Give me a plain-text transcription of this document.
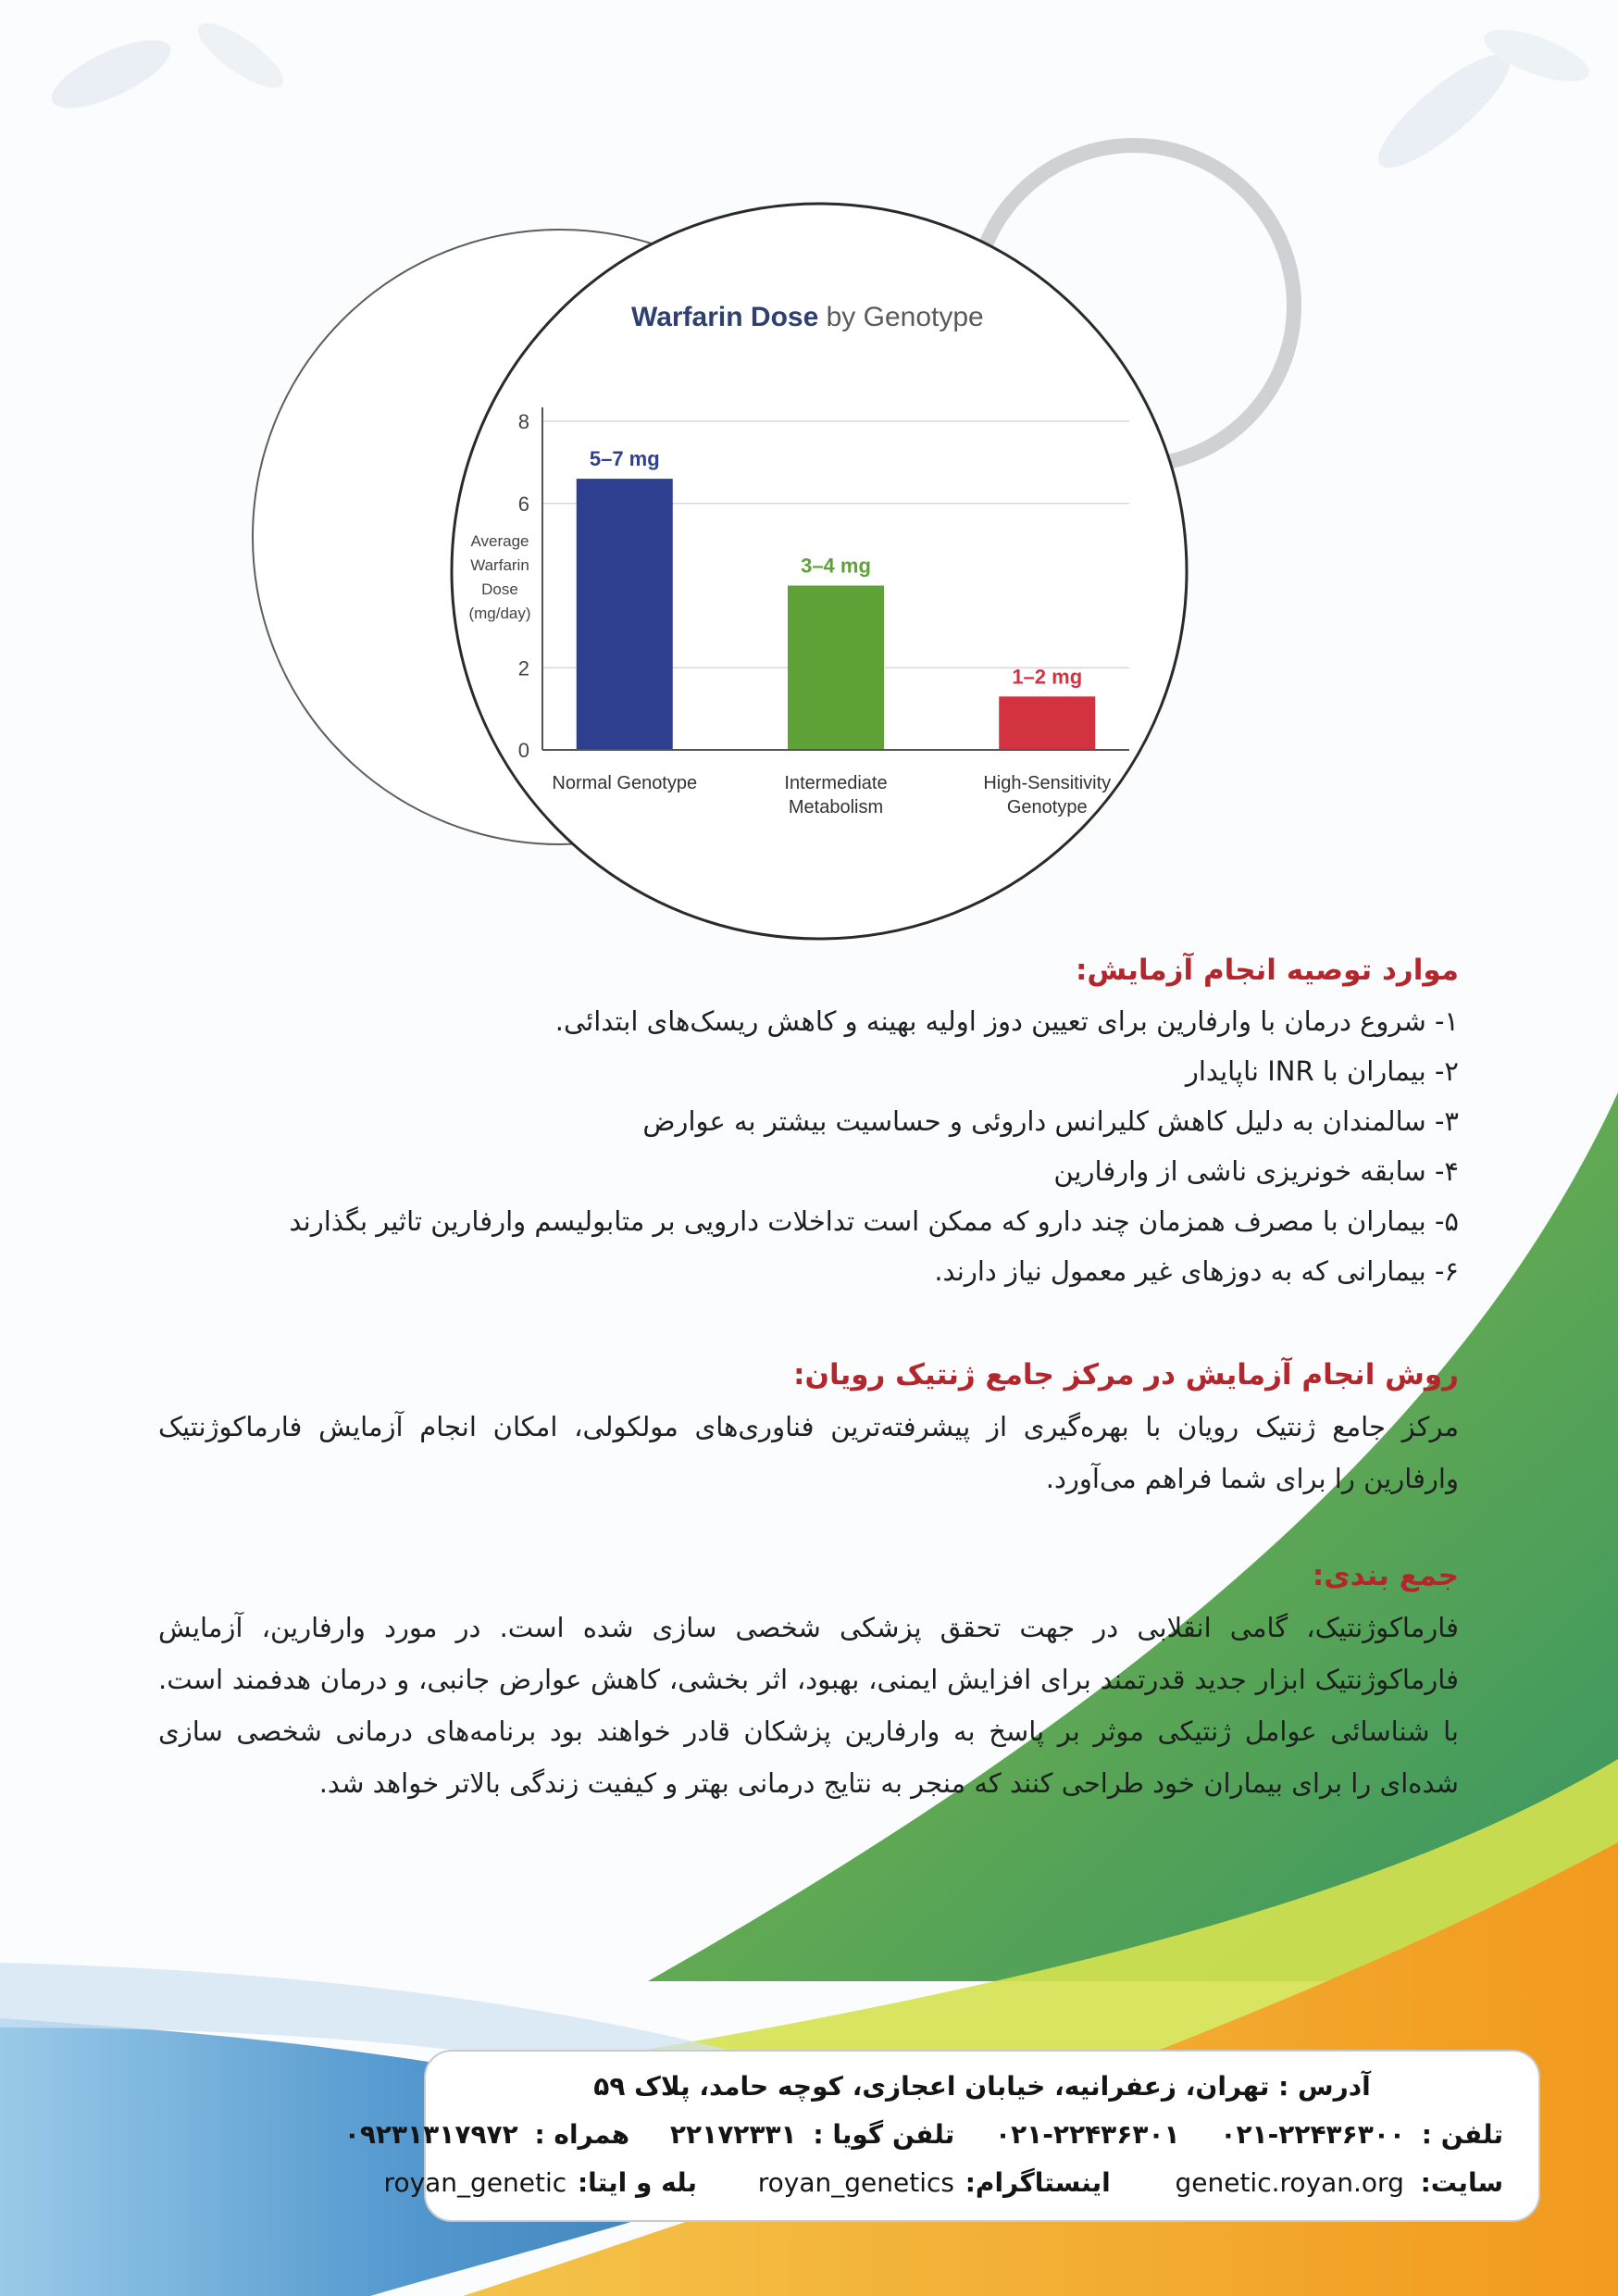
Warfarin Dose by Genotype
0
2
6
8
Average
Warfarin
Dose
(mg/day)
5–7 mg
3–4 mg
1–2 mg
Normal Genotype	Intermediate
Metabolism
High-Sensitivity
Genotype
موارد توصیه انجام آزمایش:
۱- شروع درمان با وارفارین برای تعیین دوز اولیه بهینه و کاهش ریسک‌های ابتدائی.
۲- بیماران با INR ناپایدار
۳- سالمندان به دلیل کاهش کلیرانس داروئی و حساسیت بیشتر به عوارض
۴- سابقه خونریزی ناشی از وارفارین
۵- بیماران با مصرف همزمان چند دارو که ممکن است تداخلات دارویی بر متابولیسم وارفارین تاثیر بگذارند
۶- بیمارانی که به دوزهای غیر معمول نیاز دارند.
روش انجام آزمایش در مرکز جامع ژنتیک رویان:
مرکز جامع ژنتیک رویان با بهره‌گیری از پیشرفته‌ترین فناوری‌های مولکولی، امکان انجام آزمایش فارماکوژنتیک وارفارین را برای شما فراهم می‌آورد.
جمع بندی:
فارماکوژنتیک، گامی انقلابی در جهت تحقق پزشکی شخصی سازی شده است. در مورد وارفارین، آزمایش فارماکوژنتیک ابزار جدید قدرتمند برای افزایش ایمنی، بهبود، اثر بخشی، کاهش عوارض جانبی، و درمان هدفمند است. با شناسائی عوامل ژنتیکی موثر بر پاسخ به وارفارین پزشکان قادر خواهند بود برنامه‌های درمانی شخصی سازی شده‌ای را برای بیماران خود طراحی کنند که منجر به نتایج درمانی بهتر و کیفیت زندگی بالاتر خواهد شد.
آدرس : تهران، زعفرانیه، خیابان اعجازی، کوچه حامد، پلاک ۵۹
تلفن : ۲۲۴۳۶۳۰۰-۰۲۱ ۲۲۴۳۶۳۰۱-۰۲۱ تلفن گویا : ۲۲۱۷۲۳۳۱ همراه : ۰۹۲۳۱۳۱۷۹۷۲
سایت: genetic.royan.org اینستاگرام: royan_genetics بله و ایتا: royan_genetic
